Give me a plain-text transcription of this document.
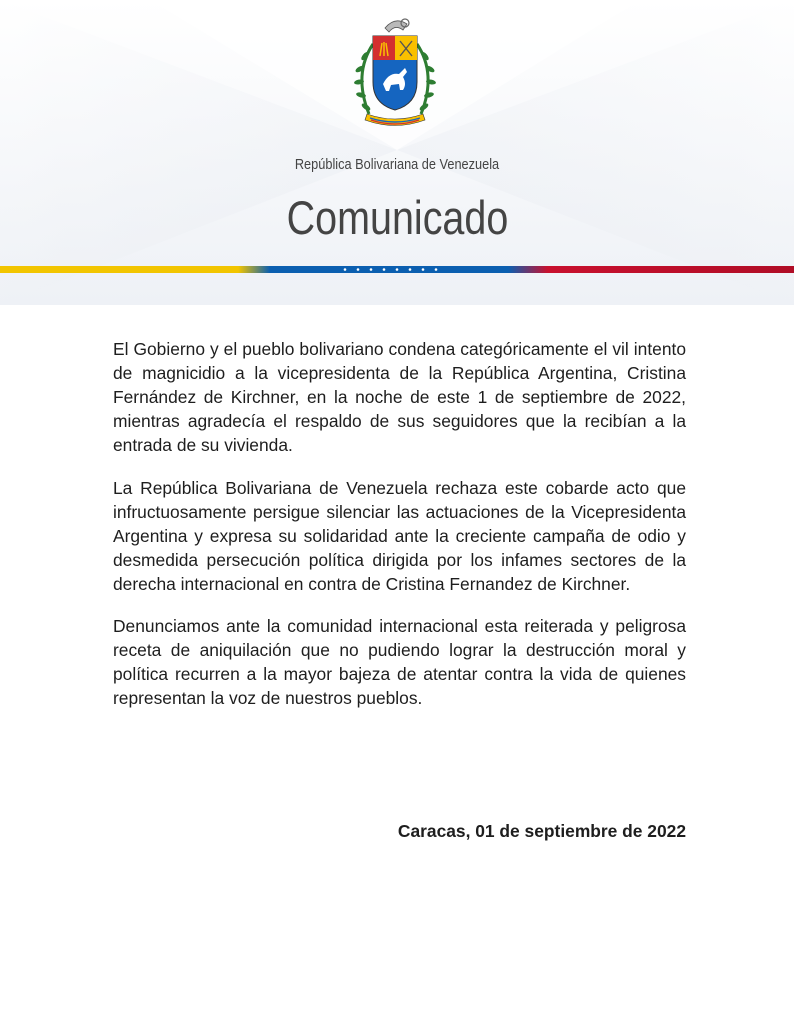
República Bolivariana de Venezuela
Comunicado

El Gobierno y el pueblo bolivariano condena categóricamente el vil intento de magnicidio a la vicepresidenta de la República Argentina, Cristina Fernández de Kirchner, en la noche de este 1 de septiembre de 2022, mientras agradecía el respaldo de sus seguidores que la recibían a la entrada de su vivienda.

La República Bolivariana de Venezuela rechaza este cobarde acto que infructuosamente persigue silenciar las actuaciones de la Vicepresidenta Argentina y expresa su solidaridad ante la creciente campaña de odio y desmedida persecución política dirigida por los infames sectores de la derecha internacional en contra de Cristina Fernandez de Kirchner.

Denunciamos ante la comunidad internacional esta reiterada y peligrosa receta de aniquilación que no pudiendo lograr la destrucción moral y política recurren a la mayor bajeza de atentar contra la vida de quienes representan la voz de nuestros pueblos.

Caracas, 01 de septiembre de 2022
